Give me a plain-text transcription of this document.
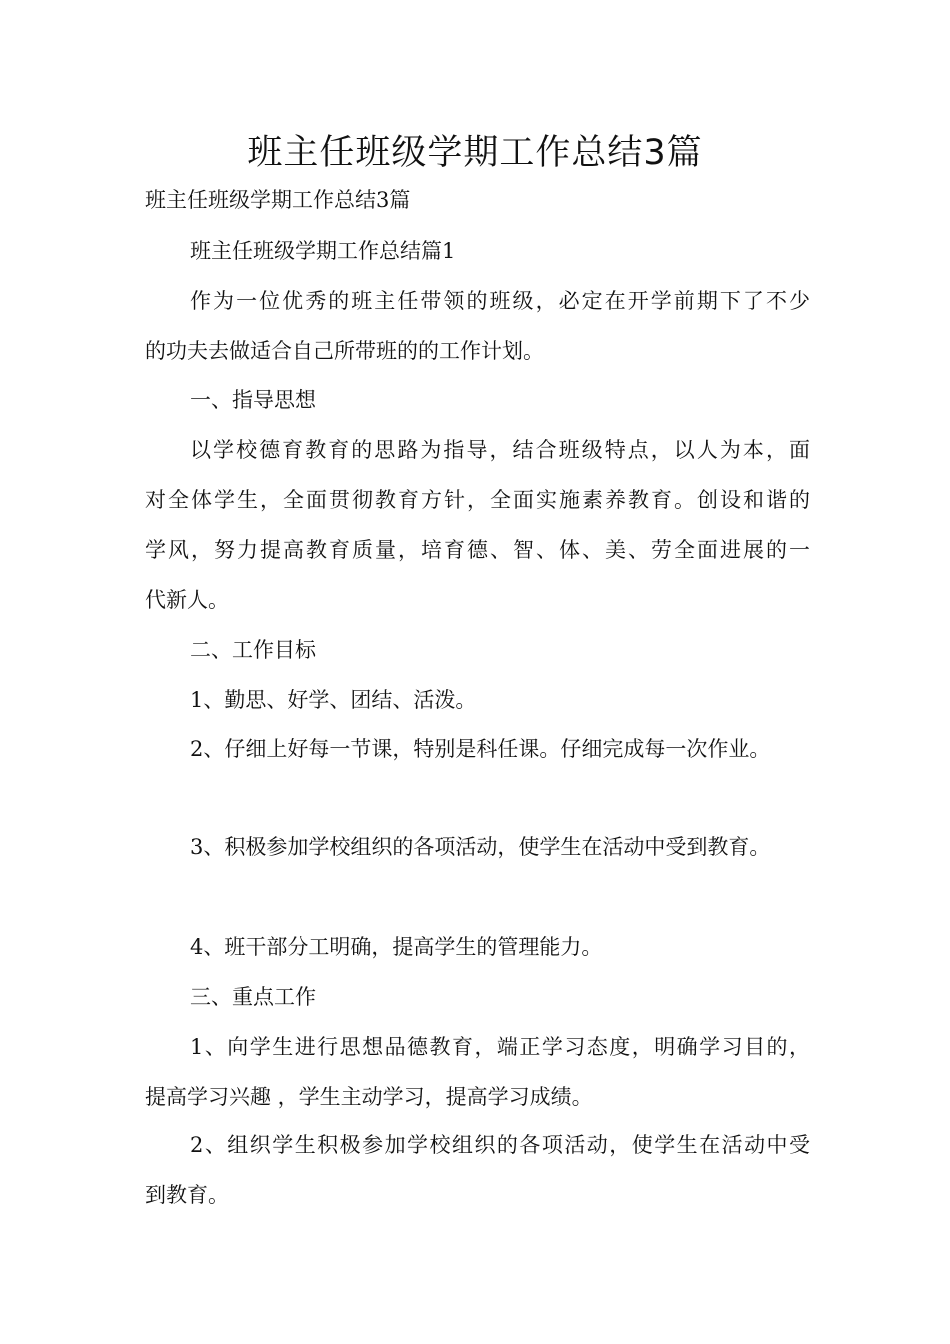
班主任班级学期工作总结3篇

班主任班级学期工作总结3篇

班主任班级学期工作总结篇1

作为一位优秀的班主任带领的班级，必定在开学前期下了不少

的功夫去做适合自己所带班的的工作计划。

一、指导思想

以学校德育教育的思路为指导，结合班级特点，以人为本，面

对全体学生，全面贯彻教育方针，全面实施素养教育。创设和谐的

学风，努力提高教育质量，培育德、智、体、美、劳全面进展的一

代新人。

二、工作目标

1、勤思、好学、团结、活泼。

2、仔细上好每一节课，特别是科任课。仔细完成每一次作业。

3、积极参加学校组织的各项活动，使学生在活动中受到教育。

4、班干部分工明确，提高学生的管理能力。

三、重点工作

1、向学生进行思想品德教育，端正学习态度，明确学习目的，

提高学习兴趣 ，学生主动学习，提高学习成绩。

2、组织学生积极参加学校组织的各项活动，使学生在活动中受

到教育。
